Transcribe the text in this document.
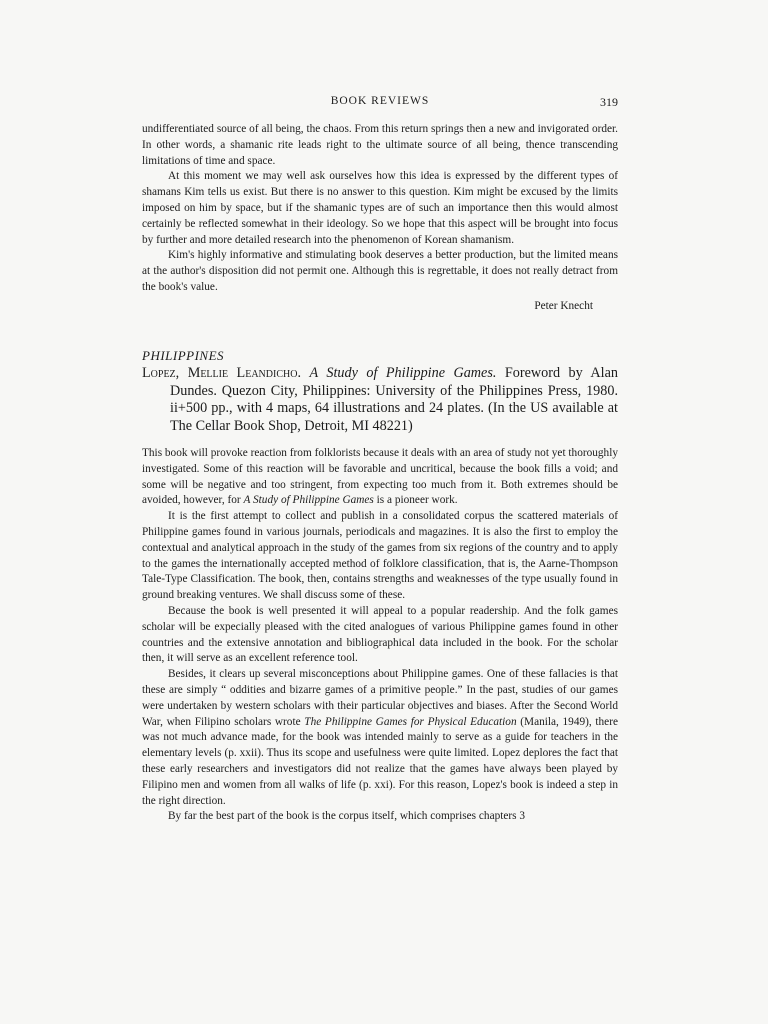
BOOK REVIEWS	319

undifferentiated source of all being, the chaos. From this return springs then a new and invigorated order. In other words, a shamanic rite leads right to the ultimate source of all being, thence transcending limitations of time and space.

At this moment we may well ask ourselves how this idea is expressed by the different types of shamans Kim tells us exist. But there is no answer to this question. Kim might be excused by the limits imposed on him by space, but if the shamanic types are of such an importance then this would almost certainly be reflected somewhat in their ideology. So we hope that this aspect will be brought into focus by further and more detailed research into the phenomenon of Korean shamanism.

Kim's highly informative and stimulating book deserves a better production, but the limited means at the author's disposition did not permit one. Although this is regrettable, it does not really detract from the book's value.

Peter Knecht
PHILIPPINES
Lopez, Mellie Leandicho. A Study of Philippine Games. Foreword by Alan Dundes. Quezon City, Philippines: University of the Philippines Press, 1980. ii+500 pp., with 4 maps, 64 illustrations and 24 plates. (In the US available at The Cellar Book Shop, Detroit, MI 48221)

This book will provoke reaction from folklorists because it deals with an area of study not yet thoroughly investigated. Some of this reaction will be favorable and uncritical, because the book fills a void; and some will be negative and too stringent, from expecting too much from it. Both extremes should be avoided, however, for A Study of Philippine Games is a pioneer work.

It is the first attempt to collect and publish in a consolidated corpus the scattered materials of Philippine games found in various journals, periodicals and magazines. It is also the first to employ the contextual and analytical approach in the study of the games from six regions of the country and to apply to the games the internationally accepted method of folklore classification, that is, the Aarne-Thompson Tale-Type Classification. The book, then, contains strengths and weaknesses of the type usually found in ground breaking ventures. We shall discuss some of these.

Because the book is well presented it will appeal to a popular readership. And the folk games scholar will be expecially pleased with the cited analogues of various Philippine games found in other countries and the extensive annotation and bibliographical data included in the book. For the scholar then, it will serve as an excellent reference tool.

Besides, it clears up several misconceptions about Philippine games. One of these fallacies is that these are simply “ oddities and bizarre games of a primitive people.” In the past, studies of our games were undertaken by western scholars with their particular objectives and biases. After the Second World War, when Filipino scholars wrote The Philippine Games for Physical Education (Manila, 1949), there was not much advance made, for the book was intended mainly to serve as a guide for teachers in the elementary levels (p. xxii). Thus its scope and usefulness were quite limited. Lopez deplores the fact that these early researchers and investigators did not realize that the games have always been played by Filipino men and women from all walks of life (p. xxi). For this reason, Lopez's book is indeed a step in the right direction.

By far the best part of the book is the corpus itself, which comprises chapters 3
